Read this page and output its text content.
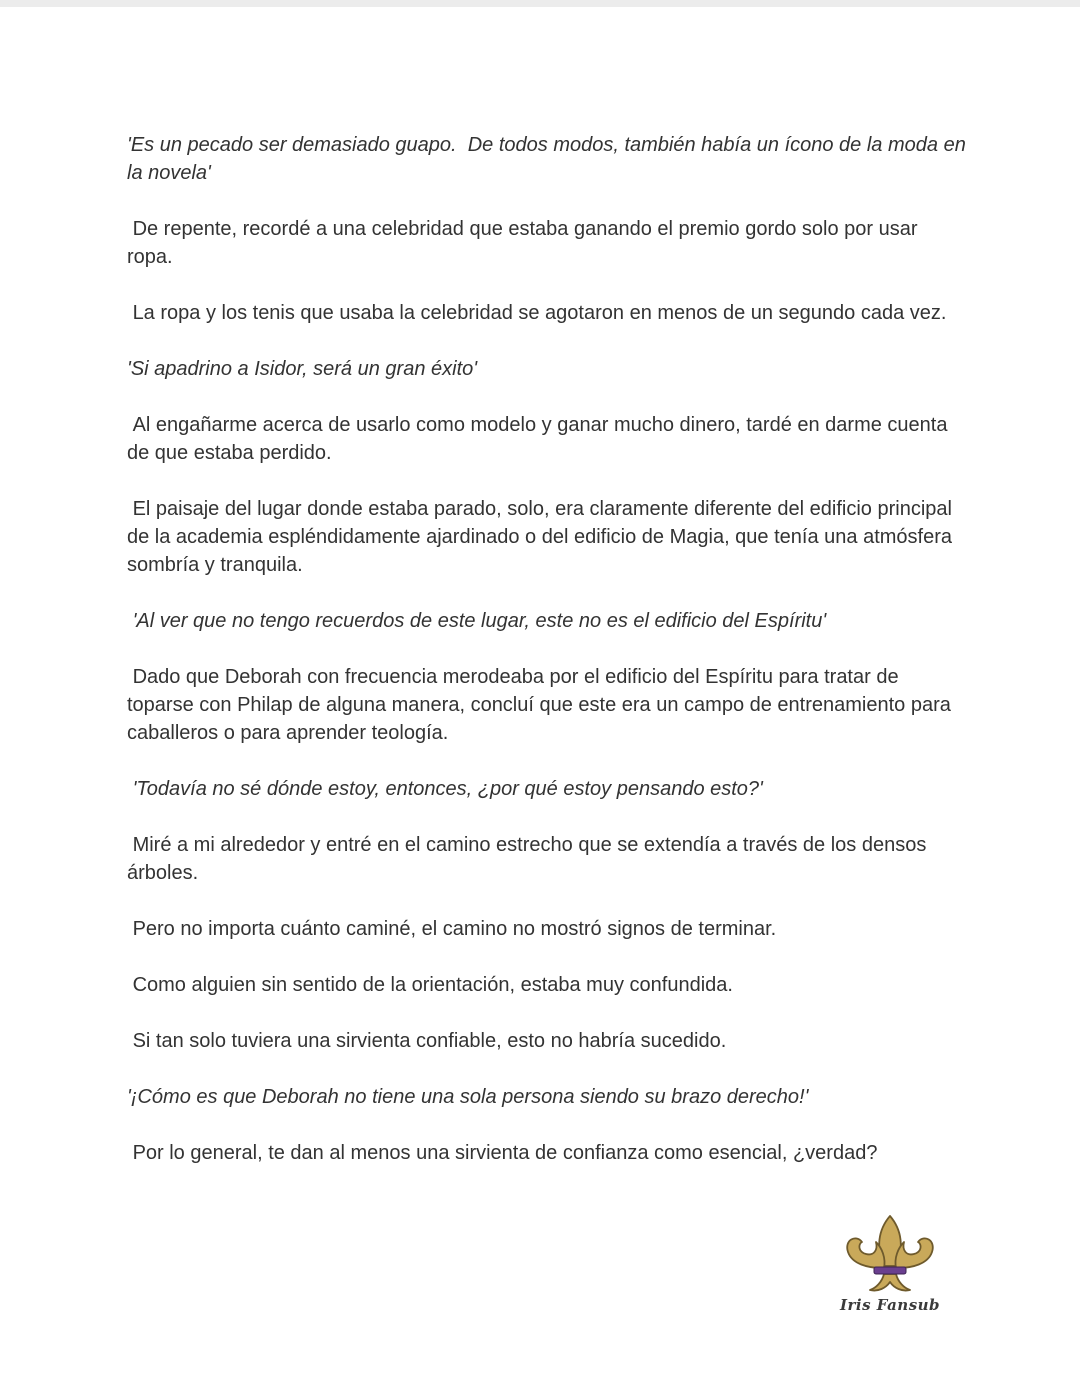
'Es un pecado ser demasiado guapo.  De todos modos, también había un ícono de la moda en la novela'

De repente, recordé a una celebridad que estaba ganando el premio gordo solo por usar ropa.

La ropa y los tenis que usaba la celebridad se agotaron en menos de un segundo cada vez.

'Si apadrino a Isidor, será un gran éxito'

Al engañarme acerca de usarlo como modelo y ganar mucho dinero, tardé en darme cuenta de que estaba perdido.

El paisaje del lugar donde estaba parado, solo, era claramente diferente del edificio principal de la academia espléndidamente ajardinado o del edificio de Magia, que tenía una atmósfera sombría y tranquila.

'Al ver que no tengo recuerdos de este lugar, este no es el edificio del Espíritu'

Dado que Deborah con frecuencia merodeaba por el edificio del Espíritu para tratar de toparse con Philap de alguna manera, concluí que este era un campo de entrenamiento para caballeros o para aprender teología.

'Todavía no sé dónde estoy, entonces, ¿por qué estoy pensando esto?'

Miré a mi alrededor y entré en el camino estrecho que se extendía a través de los densos árboles.

Pero no importa cuánto caminé, el camino no mostró signos de terminar.

Como alguien sin sentido de la orientación, estaba muy confundida.

Si tan solo tuviera una sirvienta confiable, esto no habría sucedido.

'¡Cómo es que Deborah no tiene una sola persona siendo su brazo derecho!'

Por lo general, te dan al menos una sirvienta de confianza como esencial, ¿verdad?

Iris Fansub
